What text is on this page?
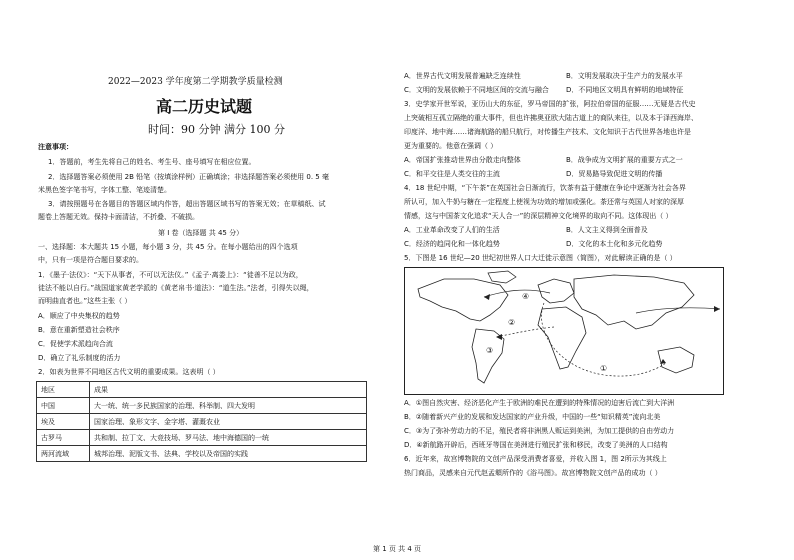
2022—2023 学年度第二学期教学质量检测
高二历史试题
时间：90 分钟 满分 100 分
注意事项：
1．答题前，考生先将自己的姓名、考生号、座号填写在相应位置。
2．选择题答案必须使用 2B 铅笔（按填涂样例）正确填涂；非选择题答案必须使用 0. 5 毫
米黑色签字笔书写，字体工整、笔迹清楚。
3．请按照题号在各题目的答题区域内作答，超出答题区域书写的答案无效；在草稿纸、试
题卷上答题无效。保持卡面清洁，不折叠、不破损。
第 I 卷（选择题 共 45 分）
一、选择题：本大题共 15 小题，每小题 3 分，共 45 分。在每小题给出的四个选项
中，只有一项是符合题目要求的。
1．《墨子·法仪》：“天下从事者，不可以无法仪。”《孟子·离娄上》：“徒善不足以为政，
徒法不能以自行。”战国道家黄老学派的《黄老帛书·道法》：“道生法。”法者，引得失以绳，
而明曲直者也。”这些主张（ ）
A．顺应了中央集权的趋势
B．意在重新塑造社会秩序
C．促使学术派趋向合流
D．确立了礼乐制度的活力
2．如表为世界不同地区古代文明的重要成果。这表明（ ）
地区	成果
中国	大一统、统一多民族国家的治理、科举制、四大发明
埃及	国家治理、象形文字、金字塔、灌溉农业
古罗马	共和制、拉丁文、大竞技场、罗马法、地中海德国的一统
两河流域	城邦治理、泥版文书、法典、学校以及帝国的实践
A．世界古代文明发展普遍缺乏连续性	B．文明发展取决于生产力的发展水平
C．文明的发展依赖于不同地区间的交流与融合 D．不同地区文明具有鲜明的地域特征
3．史学家开世军说，亚历山大的东征，罗马帝国的扩张，阿拉伯帝国的征服……无疑是古代史
上突破相互孤立隔绝的重大事件，但也许拂奥亚欧大陆古道上的商队来往，以及本于泽西海岸、
印度洋、地中海……诸海航路的船只航行，对传播生产技术、文化知识于古代世界各地也许是
更为重要的。他意在强调（ ）
A．帝国扩张推动世界由分散走向整体	B．战争成为文明扩展的重要方式之一
C．和平交往是人类交往的主流	D．贸易路导致促进文明的传播
4．18 世纪中期，“下午茶”在英国社会日渐流行，饮茶有益于健康在争论中逐渐为社会各界
所认可，加入牛奶与糖在一定程度上使视为功效的增加或强化。茶还常与英国人对家的深厚
情感，这与中国茶文化追求“天人合一”的深层精神文化境界的取向不同。这体现出（ ）
A．工业革命改变了人们的生活	B．人文主义得到全面普及
C．经济的趋同化和一体化趋势	D．文化的本土化和多元化趋势
5．下图是 16 世纪—20 世纪初世界人口大迁徙示意图（简图），对此解读正确的是（ ）
①
②
③
④
A．①图自然灾害、经济恶化产生于欧洲的难民在遭到的特殊情况的迫害后流亡到大洋洲
B．②随着新兴产业的发展和发达国家的产业升级，中国的一些“知识精英”流向北美
C．③为了弥补劳动力的不足，殖民者将非洲黑人贩运到美洲，为加工提供的自由劳动力
D．④新航路开辟后，西班牙等国在美洲进行殖民扩张和移民，改变了美洲的人口结构
6．近年来，故宫博物院的文创产品深受消费者喜爱，并收入图 1，图 2所示为其线上
热门商品，灵感来自元代赵孟頫所作的《浴马图》。故宫博物院文创产品的成功（ ）
第 1 页 共 4 页
